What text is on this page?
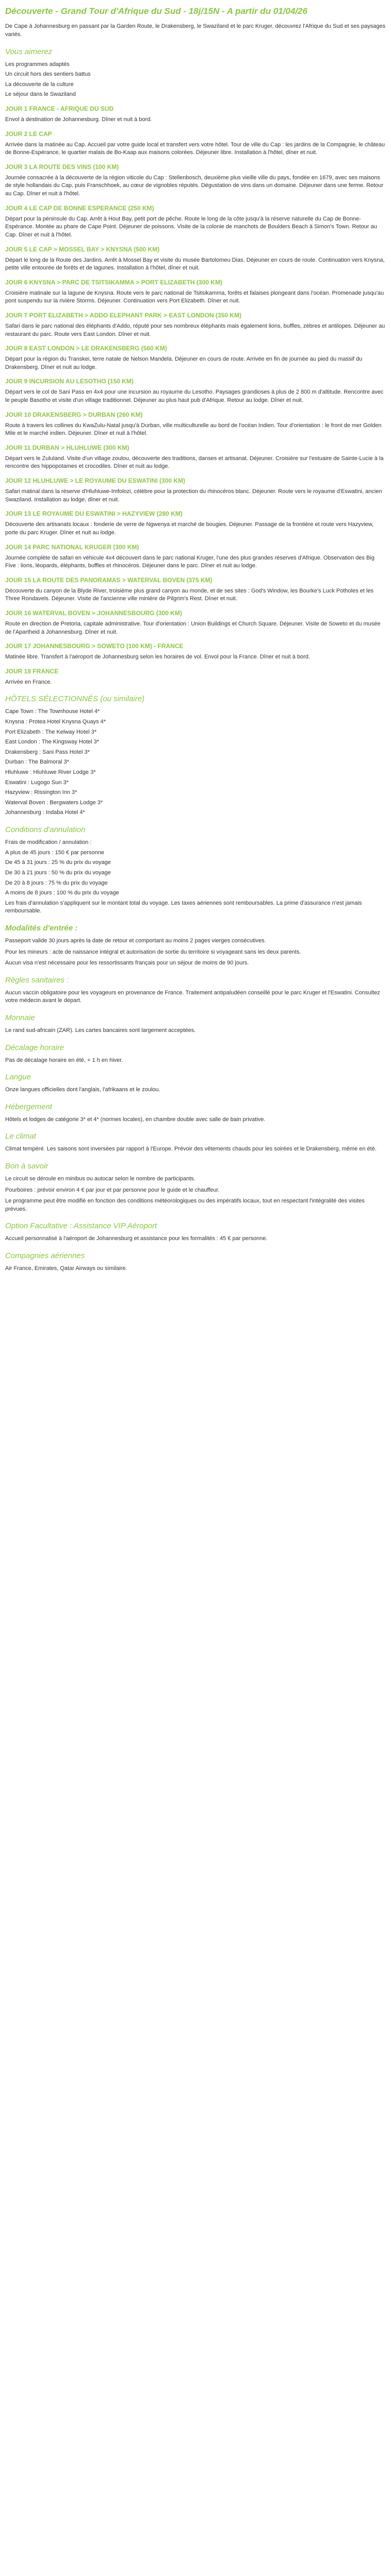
Découverte - Grand Tour d'Afrique du Sud - 18j/15N - A partir du 01/04/26

De Cape à Johannesburg en passant par la Garden Route, le Drakensberg, le Swaziland et le parc Kruger, découvrez l'Afrique du Sud et ses paysages variés.

Vous aimerez
Les programmes adaptés
Un circuit hors des sentiers battus
La découverte de la culture
Le séjour dans le Swaziland
JOUR 1 FRANCE - AFRIQUE DU SUD

Envol à destination de Johannesburg. Dîner et nuit à bord.

JOUR 2 LE CAP

Arrivée dans la matinée au Cap. Accueil par votre guide local et transfert vers votre hôtel. Tour de ville du Cap : les jardins de la Compagnie, le château de Bonne-Espérance, le quartier malais de Bo-Kaap aux maisons colorées. Déjeuner libre. Installation à l'hôtel, dîner et nuit.

JOUR 3 LA ROUTE DES VINS (100 KM)

Journée consacrée à la découverte de la région viticole du Cap : Stellenbosch, deuxième plus vieille ville du pays, fondée en 1679, avec ses maisons de style hollandais du Cap, puis Franschhoek, au cœur de vignobles réputés. Dégustation de vins dans un domaine. Déjeuner dans une ferme. Retour au Cap. Dîner et nuit à l'hôtel.

JOUR 4 LE CAP DE BONNE ESPERANCE (250 KM)

Départ pour la péninsule du Cap. Arrêt à Hout Bay, petit port de pêche. Route le long de la côte jusqu'à la réserve naturelle du Cap de Bonne-Espérance. Montée au phare de Cape Point. Déjeuner de poissons. Visite de la colonie de manchots de Boulders Beach à Simon's Town. Retour au Cap. Dîner et nuit à l'hôtel.

JOUR 5 LE CAP > MOSSEL BAY > KNYSNA (500 KM)

Départ le long de la Route des Jardins. Arrêt à Mossel Bay et visite du musée Bartolomeu Dias. Déjeuner en cours de route. Continuation vers Knysna, petite ville entourée de forêts et de lagunes. Installation à l'hôtel, dîner et nuit.

JOUR 6 KNYSNA > PARC DE TSITSIKAMMA > PORT ELIZABETH (300 KM)

Croisière matinale sur la lagune de Knysna. Route vers le parc national de Tsitsikamma, forêts et falaises plongeant dans l'océan. Promenade jusqu'au pont suspendu sur la rivière Storms. Déjeuner. Continuation vers Port Elizabeth. Dîner et nuit.

JOUR 7 PORT ELIZABETH > ADDO ELEPHANT PARK > EAST LONDON (350 KM)

Safari dans le parc national des éléphants d'Addo, réputé pour ses nombreux éléphants mais également lions, buffles, zèbres et antilopes. Déjeuner au restaurant du parc. Route vers East London. Dîner et nuit.

JOUR 8 EAST LONDON > LE DRAKENSBERG (560 KM)

Départ pour la région du Transkei, terre natale de Nelson Mandela. Déjeuner en cours de route. Arrivée en fin de journée au pied du massif du Drakensberg. Dîner et nuit au lodge.

JOUR 9 INCURSION AU LESOTHO (150 KM)

Départ vers le col de Sani Pass en 4x4 pour une incursion au royaume du Lesotho. Paysages grandioses à plus de 2 800 m d'altitude. Rencontre avec le peuple Basotho et visite d'un village traditionnel. Déjeuner au plus haut pub d'Afrique. Retour au lodge. Dîner et nuit.

JOUR 10 DRAKENSBERG > DURBAN (260 KM)

Route à travers les collines du KwaZulu-Natal jusqu'à Durban, ville multiculturelle au bord de l'océan Indien. Tour d'orientation : le front de mer Golden Mile et le marché indien. Déjeuner. Dîner et nuit à l'hôtel.

JOUR 11 DURBAN > HLUHLUWE (300 KM)

Départ vers le Zululand. Visite d'un village zoulou, découverte des traditions, danses et artisanat. Déjeuner. Croisière sur l'estuaire de Sainte-Lucie à la rencontre des hippopotames et crocodiles. Dîner et nuit au lodge.

JOUR 12 HLUHLUWE > LE ROYAUME DU ESWATINI (300 KM)

Safari matinal dans la réserve d'Hluhluwe-Imfolozi, célèbre pour la protection du rhinocéros blanc. Déjeuner. Route vers le royaume d'Eswatini, ancien Swaziland. Installation au lodge, dîner et nuit.

JOUR 13 LE ROYAUME DU ESWATINI > HAZYVIEW (280 KM)

Découverte des artisanats locaux : fonderie de verre de Ngwenya et marché de bougies. Déjeuner. Passage de la frontière et route vers Hazyview, porte du parc Kruger. Dîner et nuit au lodge.

JOUR 14 PARC NATIONAL KRUGER (300 KM)

Journée complète de safari en véhicule 4x4 découvert dans le parc national Kruger, l'une des plus grandes réserves d'Afrique. Observation des Big Five : lions, léopards, éléphants, buffles et rhinocéros. Déjeuner dans le parc. Dîner et nuit au lodge.

JOUR 15 LA ROUTE DES PANORAMAS > WATERVAL BOVEN (375 KM)

Découverte du canyon de la Blyde River, troisième plus grand canyon au monde, et de ses sites : God's Window, les Bourke's Luck Potholes et les Three Rondavels. Déjeuner. Visite de l'ancienne ville minière de Pilgrim's Rest. Dîner et nuit.

JOUR 16 WATERVAL BOVEN > JOHANNESBOURG (300 KM)

Route en direction de Pretoria, capitale administrative. Tour d'orientation : Union Buildings et Church Square. Déjeuner. Visite de Soweto et du musée de l'Apartheid à Johannesburg. Dîner et nuit.

JOUR 17 JOHANNESBOURG > SOWETO (100 KM) - FRANCE

Matinée libre. Transfert à l'aéroport de Johannesburg selon les horaires de vol. Envol pour la France. Dîner et nuit à bord.

JOUR 18 FRANCE

Arrivée en France.

HÔTELS SÉLECTIONNÉS (ou similaire)
Cape Town : The Townhouse Hotel 4*
Knysna : Protea Hotel Knysna Quays 4*
Port Elizabeth : The Kelway Hotel 3*
East London : The Kingsway Hotel 3*
Drakensberg : Sani Pass Hotel 3*
Durban : The Balmoral 3*
Hluhluwe : Hluhluwe River Lodge 3*
Eswatini : Lugogo Sun 3*
Hazyview : Rissington Inn 3*
Waterval Boven : Bergwaters Lodge 3*
Johannesburg : Indaba Hotel 4*
Conditions d'annulation
Frais de modification / annulation :
A plus de 45 jours : 150 € par personne
De 45 à 31 jours : 25 % du prix du voyage
De 30 à 21 jours : 50 % du prix du voyage
De 20 à 8 jours : 75 % du prix du voyage
A moins de 8 jours : 100 % du prix du voyage

Les frais d'annulation s'appliquent sur le montant total du voyage. Les taxes aériennes sont remboursables. La prime d'assurance n'est jamais remboursable.

Modalités d'entrée :

Passeport valide 30 jours après la date de retour et comportant au moins 2 pages vierges consécutives.

Pour les mineurs : acte de naissance intégral et autorisation de sortie du territoire si voyageant sans les deux parents.

Aucun visa n'est nécessaire pour les ressortissants français pour un séjour de moins de 90 jours.

Règles sanitaires :

Aucun vaccin obligatoire pour les voyageurs en provenance de France. Traitement antipaludéen conseillé pour le parc Kruger et l'Eswatini. Consultez votre médecin avant le départ.

Monnaie

Le rand sud-africain (ZAR). Les cartes bancaires sont largement acceptées.

Décalage horaire

Pas de décalage horaire en été, + 1 h en hiver.

Langue

Onze langues officielles dont l'anglais, l'afrikaans et le zoulou.

Hébergement

Hôtels et lodges de catégorie 3* et 4* (normes locales), en chambre double avec salle de bain privative.

Le climat

Climat tempéré. Les saisons sont inversées par rapport à l'Europe. Prévoir des vêtements chauds pour les soirées et le Drakensberg, même en été.

Bon à savoir

Le circuit se déroule en minibus ou autocar selon le nombre de participants.

Pourboires : prévoir environ 4 € par jour et par personne pour le guide et le chauffeur.

Le programme peut être modifié en fonction des conditions météorologiques ou des impératifs locaux, tout en respectant l'intégralité des visites prévues.

Option Facultative : Assistance VIP Aéroport

Accueil personnalisé à l'aéroport de Johannesburg et assistance pour les formalités : 45 € par personne.

Compagnies aériennes

Air France, Emirates, Qatar Airways ou similaire.
